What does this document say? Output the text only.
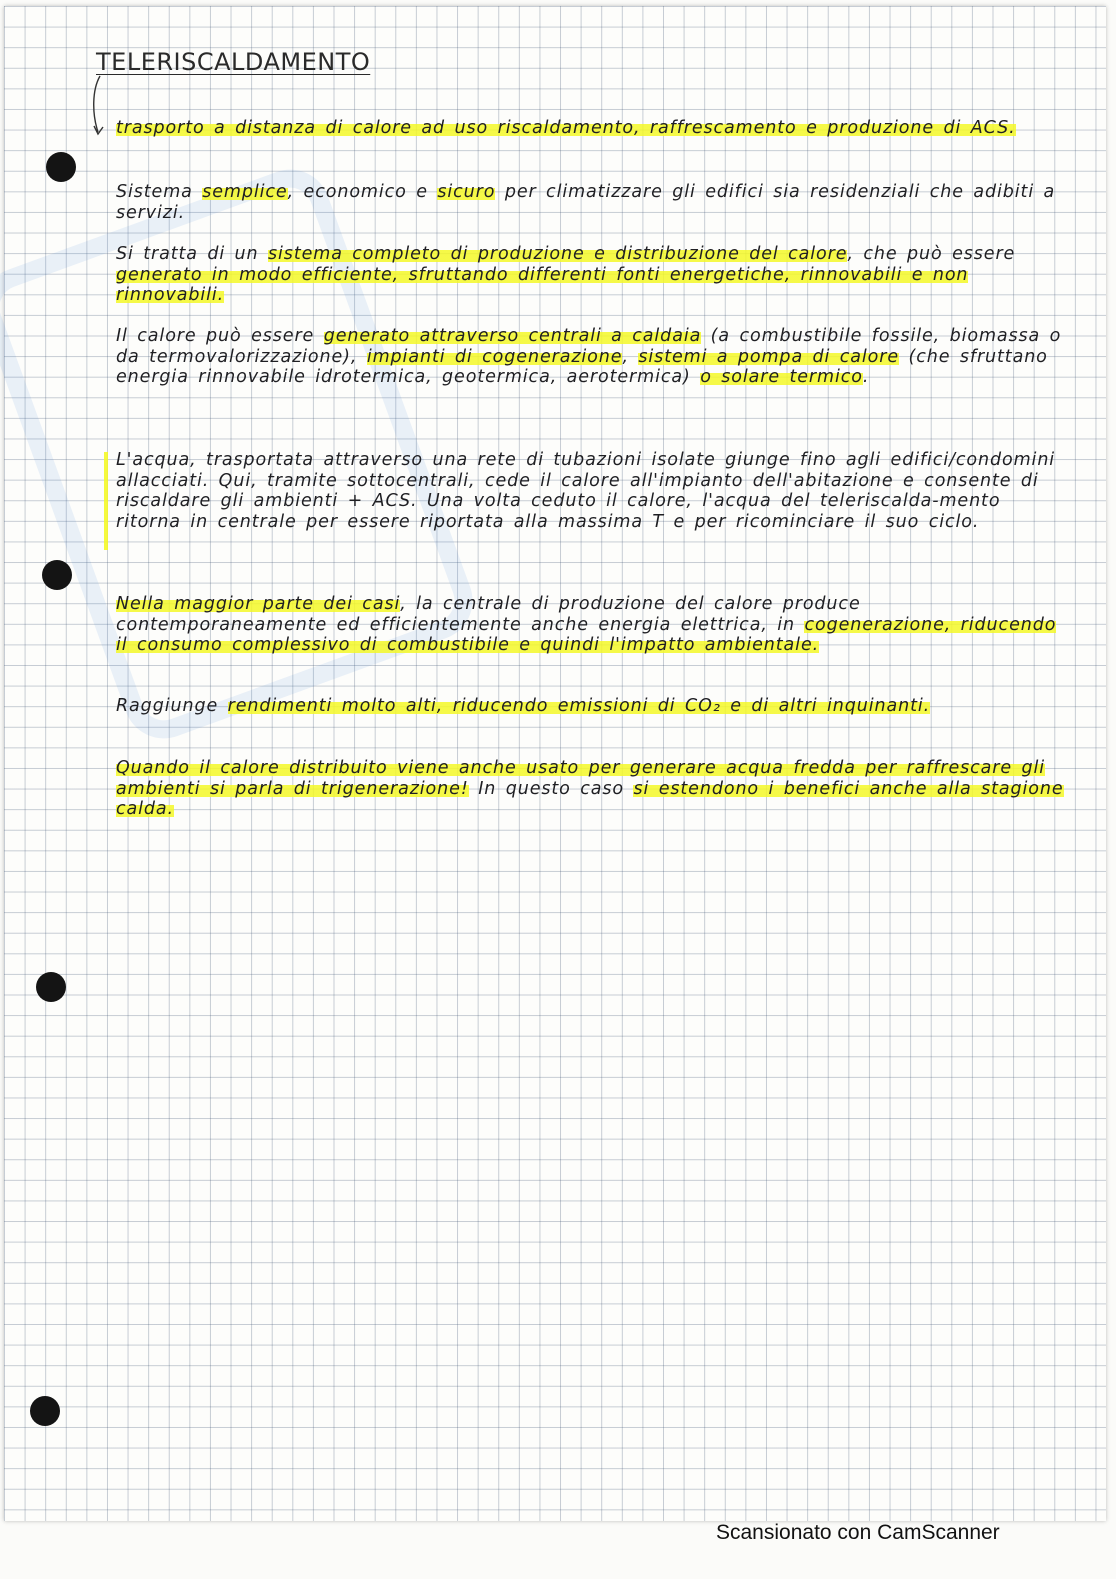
TELERISCALDAMENTO

trasporto a distanza di calore ad uso riscaldamento, raffrescamento e produzione di ACS.

Sistema semplice, economico e sicuro per climatizzare gli edifici sia residenziali che adibiti a servizi.

Si tratta di un sistema completo di produzione e distribuzione del calore, che può essere generato in modo efficiente, sfruttando differenti fonti energetiche, rinnovabili e non rinnovabili.

Il calore può essere generato attraverso centrali a caldaia (a combustibile fossile, biomassa o da termovalorizzazione), impianti di cogenerazione, sistemi a pompa di calore (che sfruttano energia rinnovabile idrotermica, geotermica, aerotermica) o solare termico.

L'acqua, trasportata attraverso una rete di tubazioni isolate giunge fino agli edifici/condomini allacciati. Qui, tramite sottocentrali, cede il calore all'impianto dell'abitazione e consente di riscaldare gli ambienti + ACS. Una volta ceduto il calore, l'acqua del teleriscalda-mento ritorna in centrale per essere riportata alla massima T e per ricominciare il suo ciclo.

Nella maggior parte dei casi, la centrale di produzione del calore produce contemporaneamente ed efficientemente anche energia elettrica, in cogenerazione, riducendo il consumo complessivo di combustibile e quindi l'impatto ambientale.

Raggiunge rendimenti molto alti, riducendo emissioni di CO₂ e di altri inquinanti.

Quando il calore distribuito viene anche usato per generare acqua fredda per raffrescare gli ambienti si parla di trigenerazione! In questo caso si estendono i benefici anche alla stagione calda.

Scansionato con CamScanner
